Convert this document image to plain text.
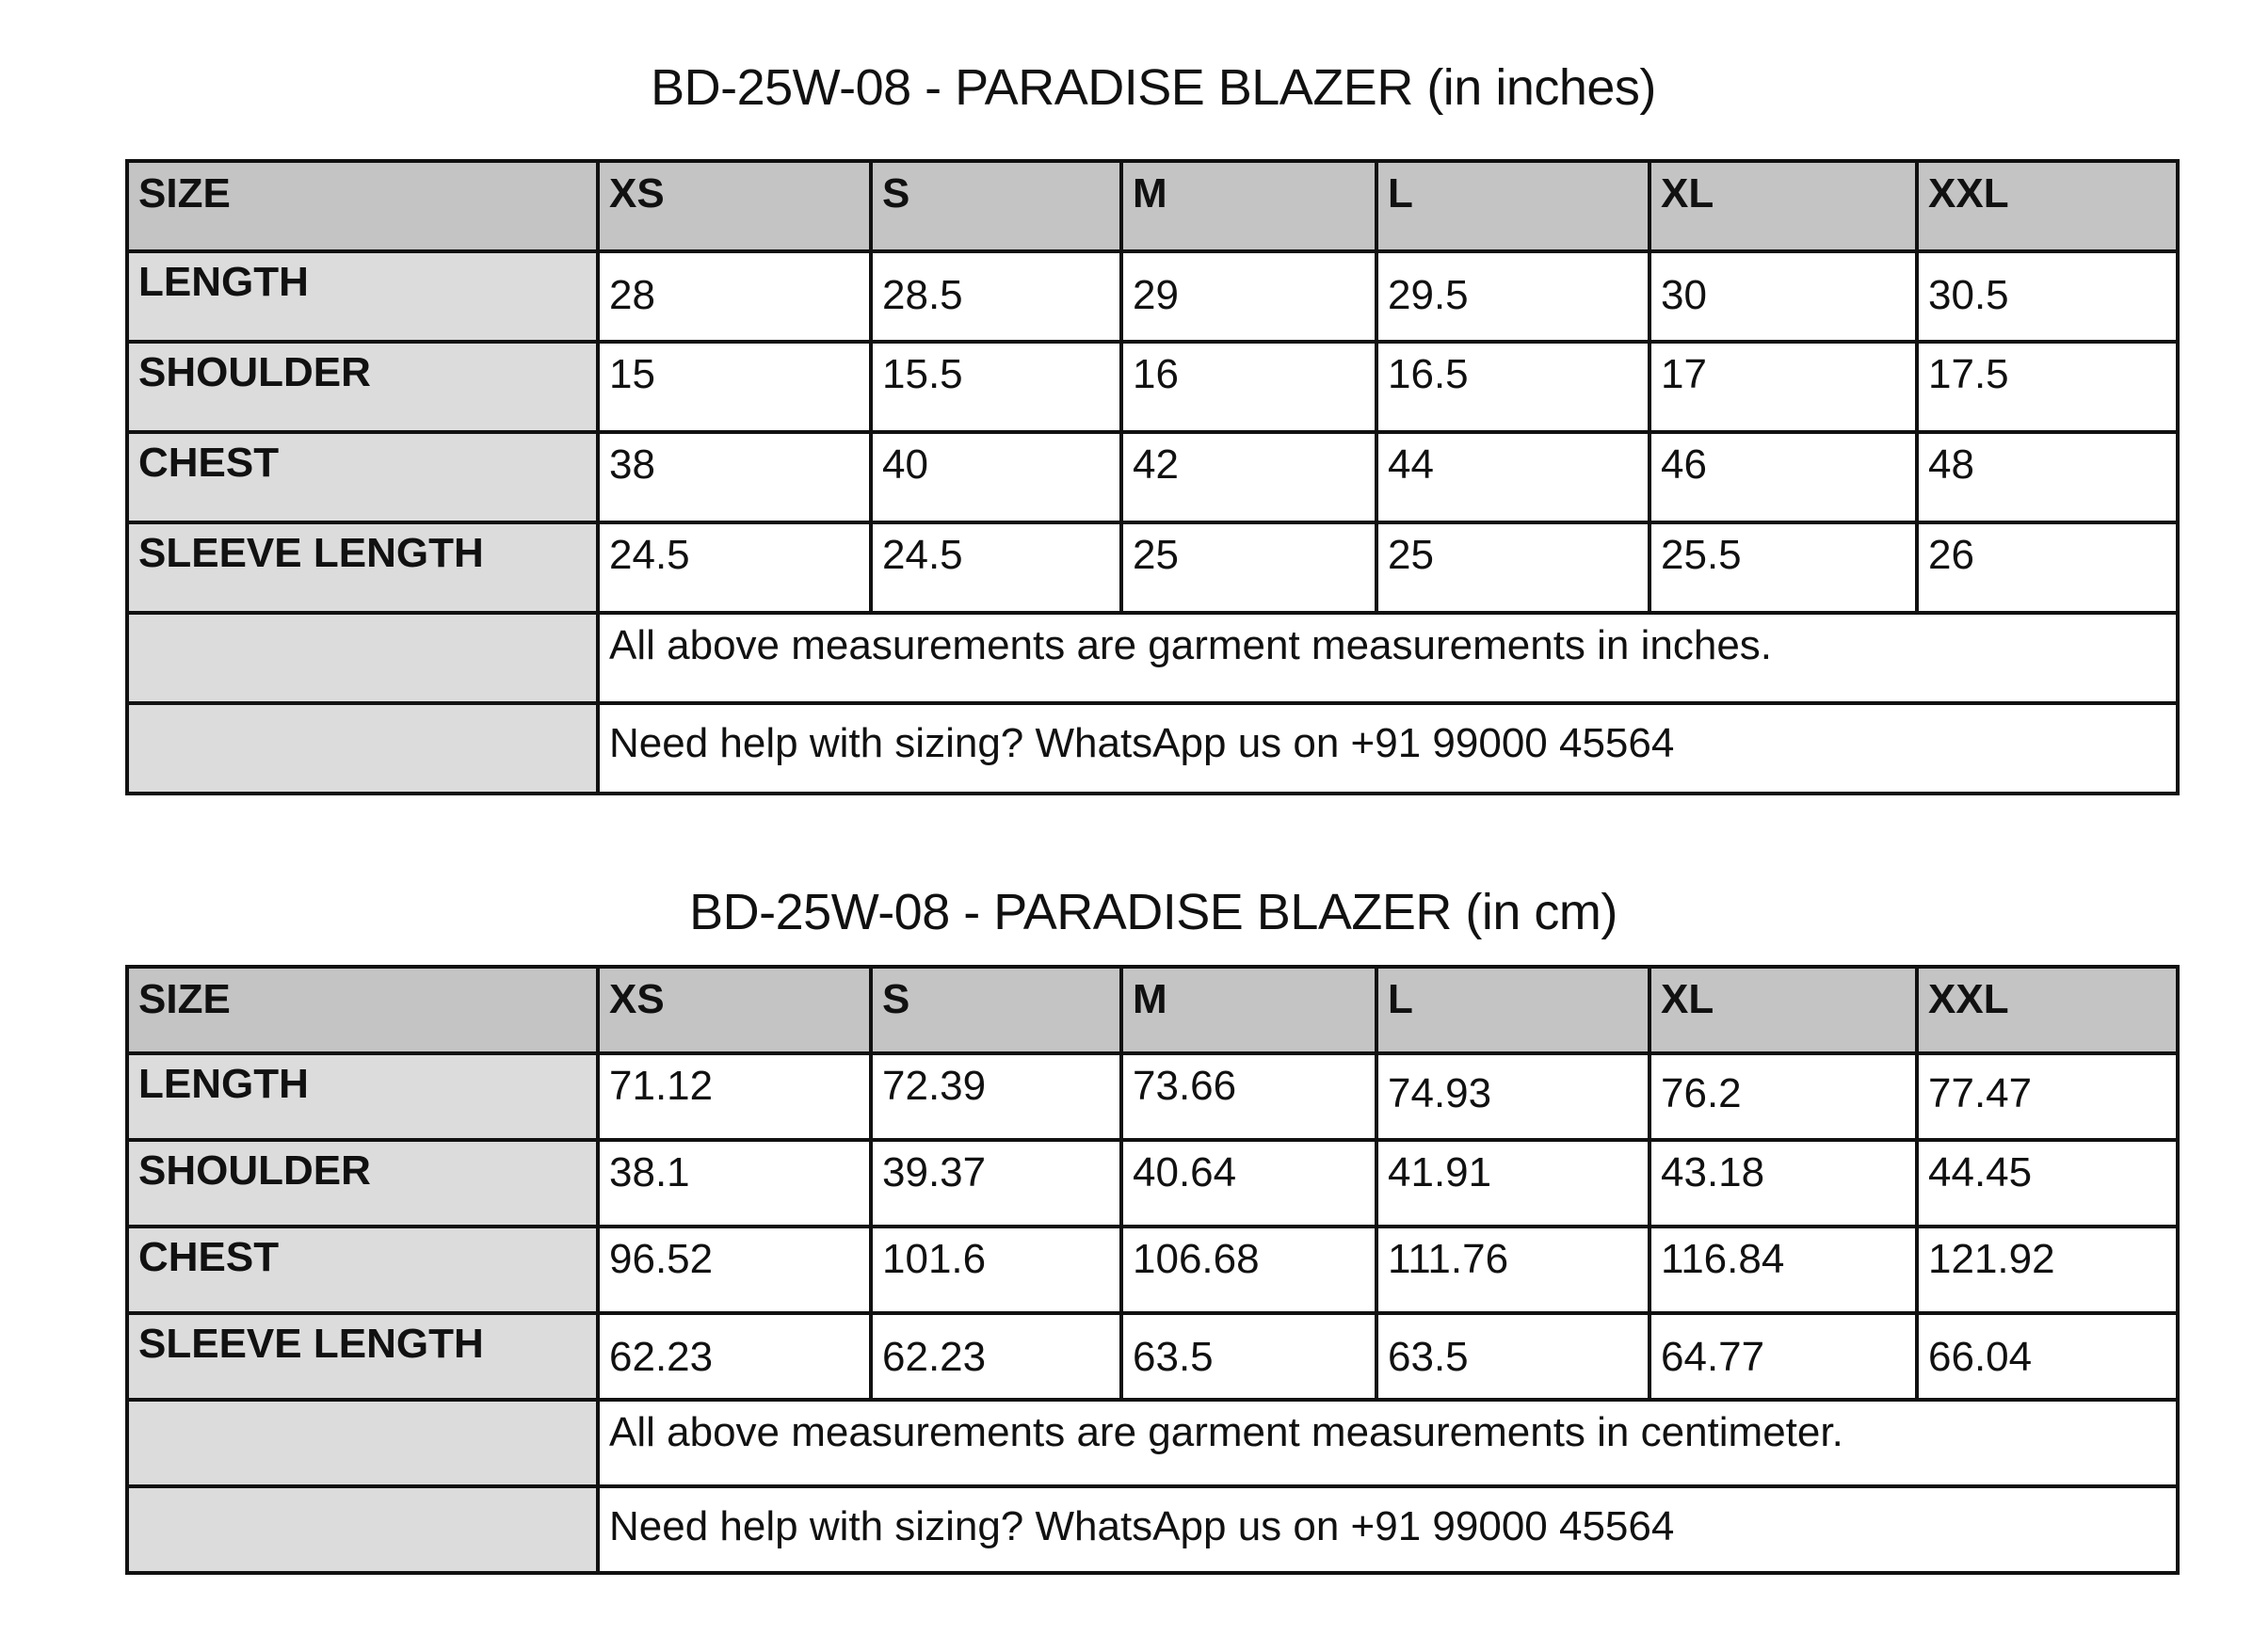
BD-25W-08 - PARADISE BLAZER (in inches)
SIZE	XS	S	M	L	XL	XXL
LENGTH	28	28.5	29	29.5	30	30.5
SHOULDER	15	15.5	16	16.5	17	17.5
CHEST	38	40	42	44	46	48
SLEEVE LENGTH	24.5	24.5	25	25	25.5	26
	All above measurements are garment measurements in inches.					
	Need help with sizing? WhatsApp us on +91 99000 45564					
BD-25W-08 - PARADISE BLAZER (in cm)
SIZE	XS	S	M	L	XL	XXL
LENGTH	71.12	72.39	73.66	74.93	76.2	77.47
SHOULDER	38.1	39.37	40.64	41.91	43.18	44.45
CHEST	96.52	101.6	106.68	111.76	116.84	121.92
SLEEVE LENGTH	62.23	62.23	63.5	63.5	64.77	66.04
	All above measurements are garment measurements in centimeter.					
	Need help with sizing? WhatsApp us on +91 99000 45564					
